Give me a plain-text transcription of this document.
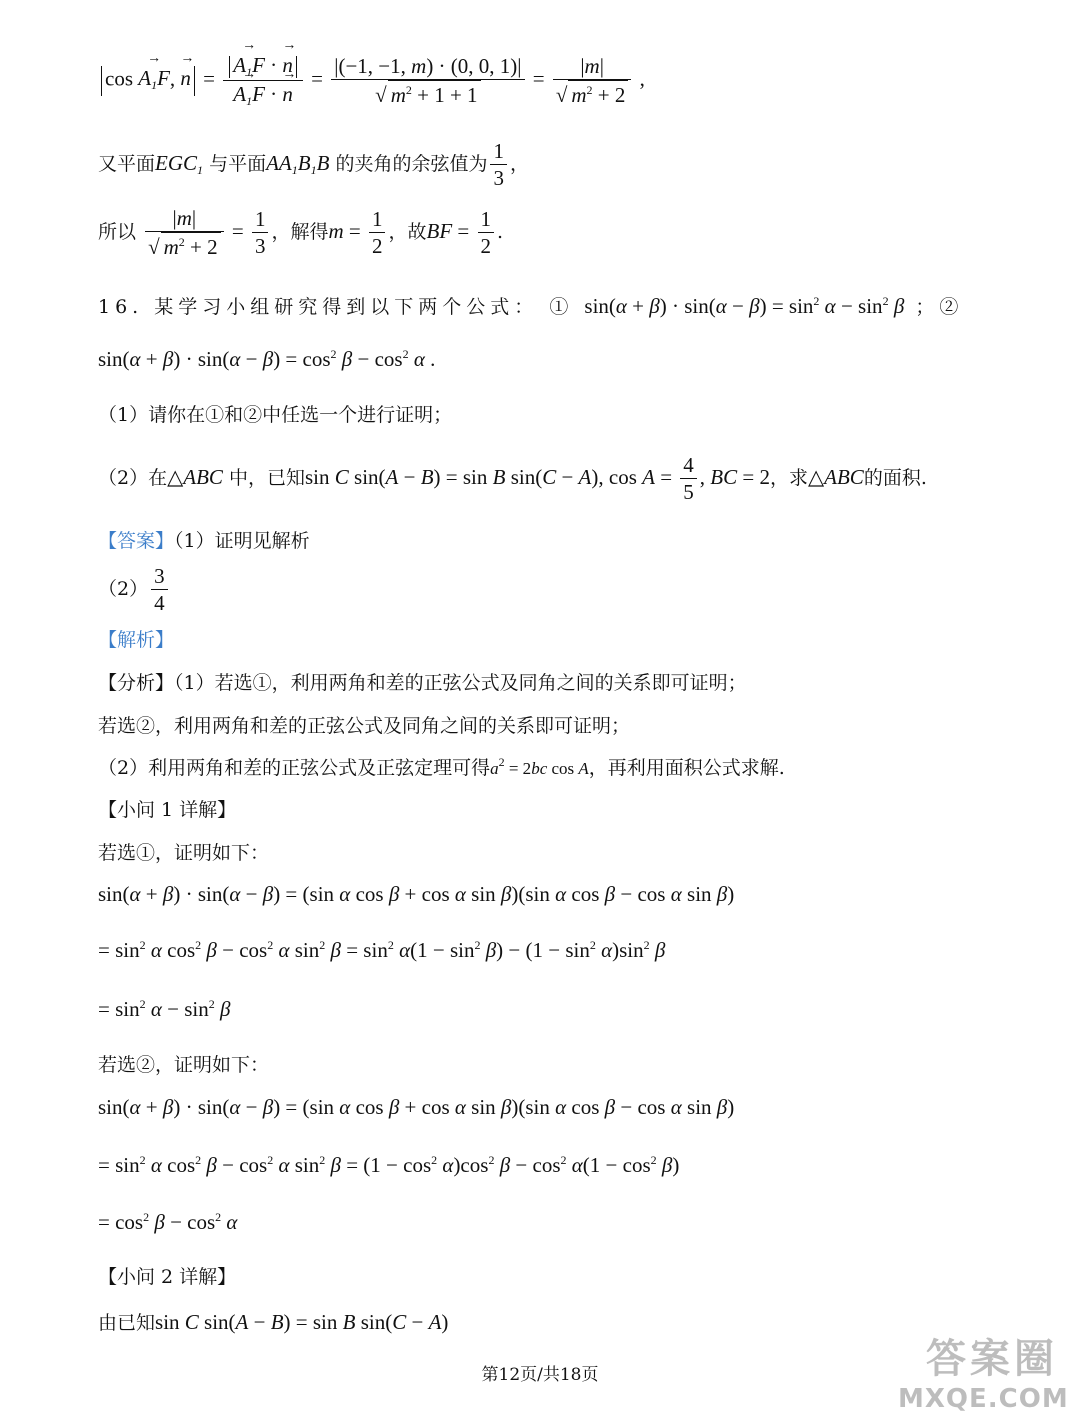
$\cos \to A_1F$, → n =
→ $A_1F$ · → n
→ $A_1F$ · → $n = \frac{|(-1, -1, m) \cdot (0, 0, 1)|}{√ m^2 + 1 + 1} = \frac{|m|}{√ m^2 + 2}$ ,
又平面$EGC_1$ 与平面$AA_1B_1B$ 的夹角的余弦值为 $\frac{1}{3}$ ，
所以 $\frac{|m|}{√ m^2 + 2} = \frac{1}{3}$ ，解得$m = \frac{1}{2}$ ，故BF = $\frac{1}{2}$ .
16. 某学习小组研究得到以下两个公式： ① $\sin(\alpha + \beta) \cdot \sin(\alpha - \beta) = \sin^2 \alpha - \sin^2 \beta$ ；②
$\sin(\alpha + \beta) \cdot \sin(\alpha - \beta) = \cos^2 \beta - \cos^2 \alpha$ .
（1）请你在①和②中任选一个进行证明；
（2）在△ABC 中，已知sin C sin(A − B) = sin B sin(C − A), $\cos A = \frac{4}{5}$ , BC = 2，求△ABC的面积.
【答案】（1）证明见解析
$(2) \frac{3}{4}$
【解析】
【分析】（1）若选①，利用两角和差的正弦公式及同角之间的关系即可证明；
若选②，利用两角和差的正弦公式及同角之间的关系即可证明；
（2）利用两角和差的正弦公式及正弦定理可得$a^2 = 2bc$ cos A，再利用面积公式求解.
【小问 1 详解】
若选①，证明如下：
sin(α + β) · sin(α − β) = (sin α cos β + cos α sin β)(sin α cos β − cos α sin β)
= $\sin^2 \alpha$ $\cos^2 \beta - \cos^2 \alpha$ $\sin^2 \beta = \sin^2 \alpha(1 - \sin^2 \beta) - (1 - \sin^2 \alpha)\sin^2$ β
= $\sin^2 \alpha - \sin^2 \beta$
若选②，证明如下：
sin(α + β) · sin(α − β) = (sin α cos β + cos α sin β)(sin α cos β − cos α sin β)
= $\sin^2 \alpha$ $\cos^2 \beta - \cos^2 \alpha$ $\sin^2 \beta = (1 - \cos^2 \alpha)\cos^2$ $\beta - \cos^2 \alpha(1 - \cos^2 \beta)$
= $\cos^2 \beta - \cos^2 \alpha$
【小问 2 详解】
由已知sin C sin(A − B) = sin B sin(C − A)
第12页/共18页	答案圈
MXQE.COM
